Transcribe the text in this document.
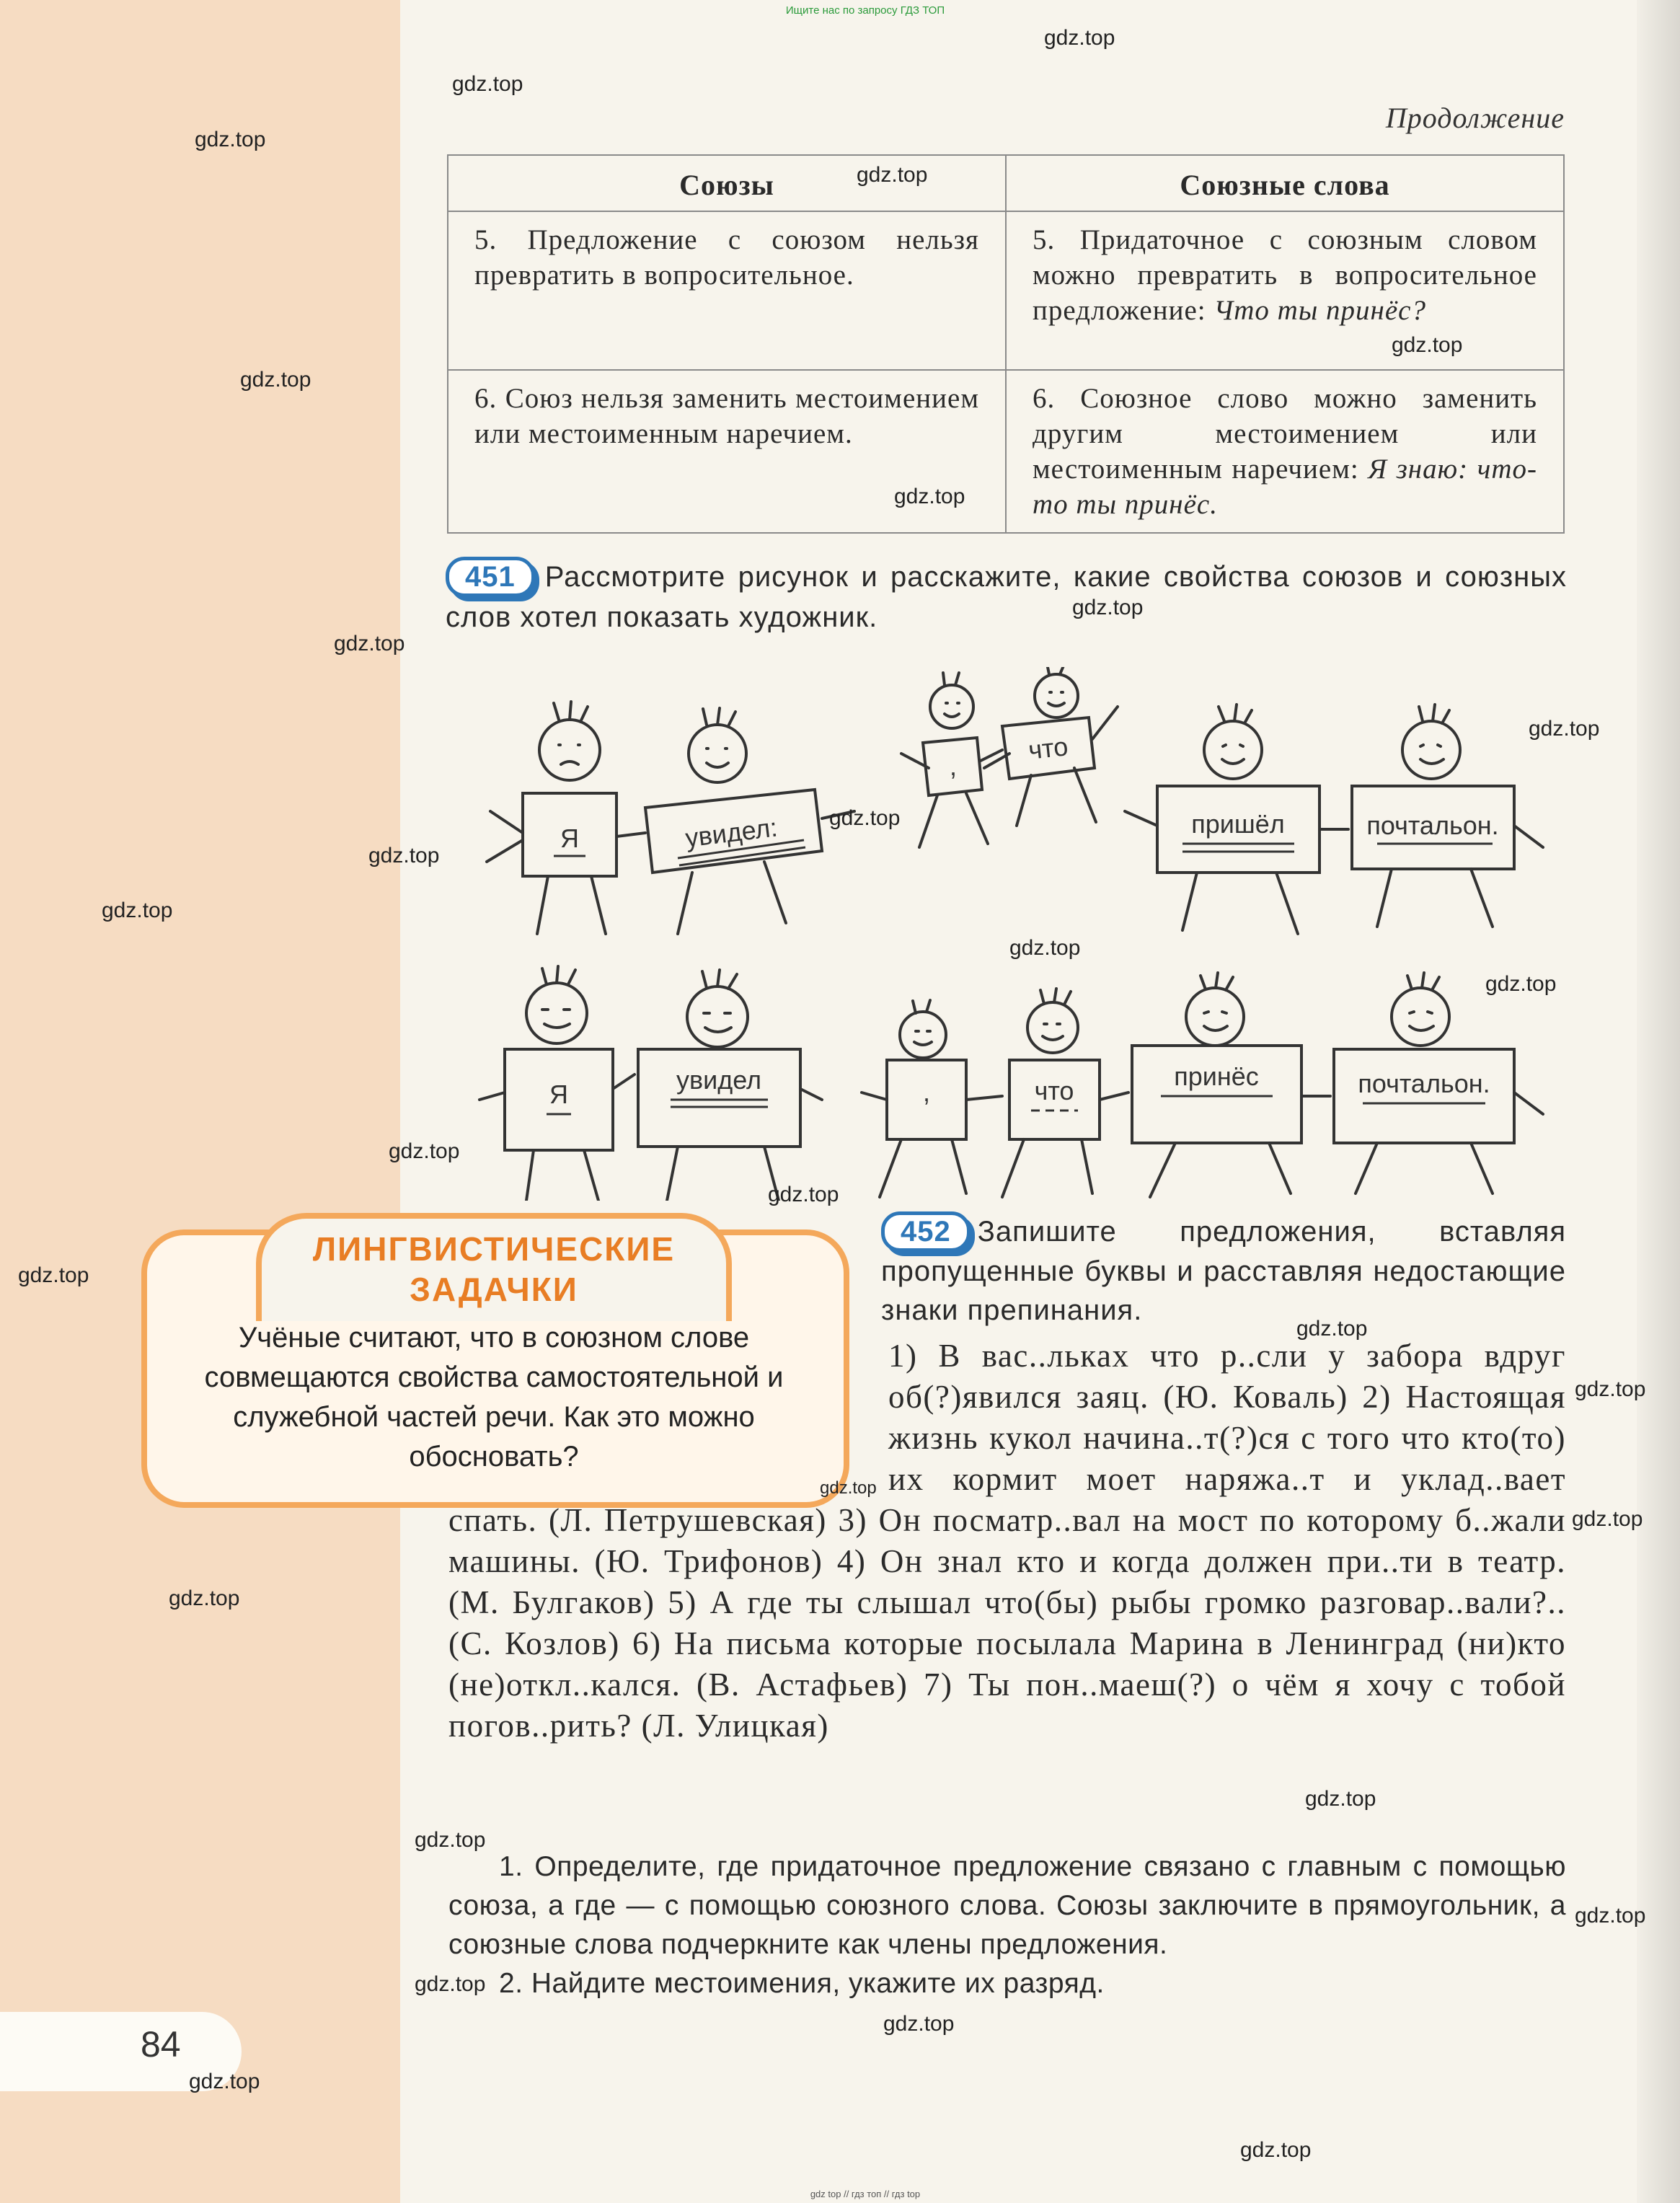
Ищите нас по запросу ГДЗ ТОП
gdz top // гдз топ // гдз top
Продолжение
Союзы	Союзные слова
5. Предложение с союзом нельзя превратить в вопросительное.	5. Придаточное с союзным словом можно превратить в вопросительное предложение: Что ты принёс?
6. Союз нельзя заменить местоимением или местоименным наречием.	6. Союзное слово можно заменить другим местоимением или местоименным наречием: Я знаю: что-то ты принёс.
451 Рассмотрите рисунок и расскажите, какие свойства союзов и союзных слов хотел показать художник.
Я	увидел:
,
что
пришёл	почтальон.
Я	увидел	,	что	принёс	почтальон.
ЛИНГВИСТИЧЕСКИЕ
ЗАДАЧКИ
Учёные считают, что в союзном слове совмещаются свойства самостоятельной и служебной частей речи. Как это можно обосновать?
452 Запишите предложения, вставляя пропущенные буквы и расставляя недостающие знаки препинания.
1) В вас..льках что р..сли у забора вдруг об(?)явился заяц. (Ю. Коваль) 2) Настоящая жизнь кукол начина..т(?)ся с того что кто(то) их кормит моет наряжа..т и уклад..вает спать. (Л. Петрушевская) 3) Он посматр..вал на мост по которому б..жали машины. (Ю. Трифонов) 4) Он знал кто и когда должен при..ти в театр. (М. Булгаков) 5) А где ты слышал что(бы) рыбы громко разговар..вали?.. (С. Козлов) 6) На письма которые посылала Марина в Ленинград (ни)кто (не)откл..кался. (В. Астафьев) 7) Ты пон..маеш(?) о чём я хочу с тобой погов..рить? (Л. Улицкая)

1. Определите, где придаточное предложение связано с главным с помощью союза, а где — с помощью союзного слова. Союзы заключите в прямоугольник, а союзные слова подчеркните как члены предложения.

2. Найдите местоимения, укажите их разряд.

84
gdz.top
gdz.top
gdz.top
gdz.top
gdz.top
gdz.top
gdz.top
gdz.top
gdz.top
gdz.top
gdz.top
gdz.top
gdz.top
gdz.top
gdz.top
gdz.top
gdz.top
gdz.top
gdz.top
gdz.top
gdz.top
gdz.top
gdz.top
gdz.top
gdz.top
gdz.top
gdz.top
gdz.top
gdz.top
gdz.top
